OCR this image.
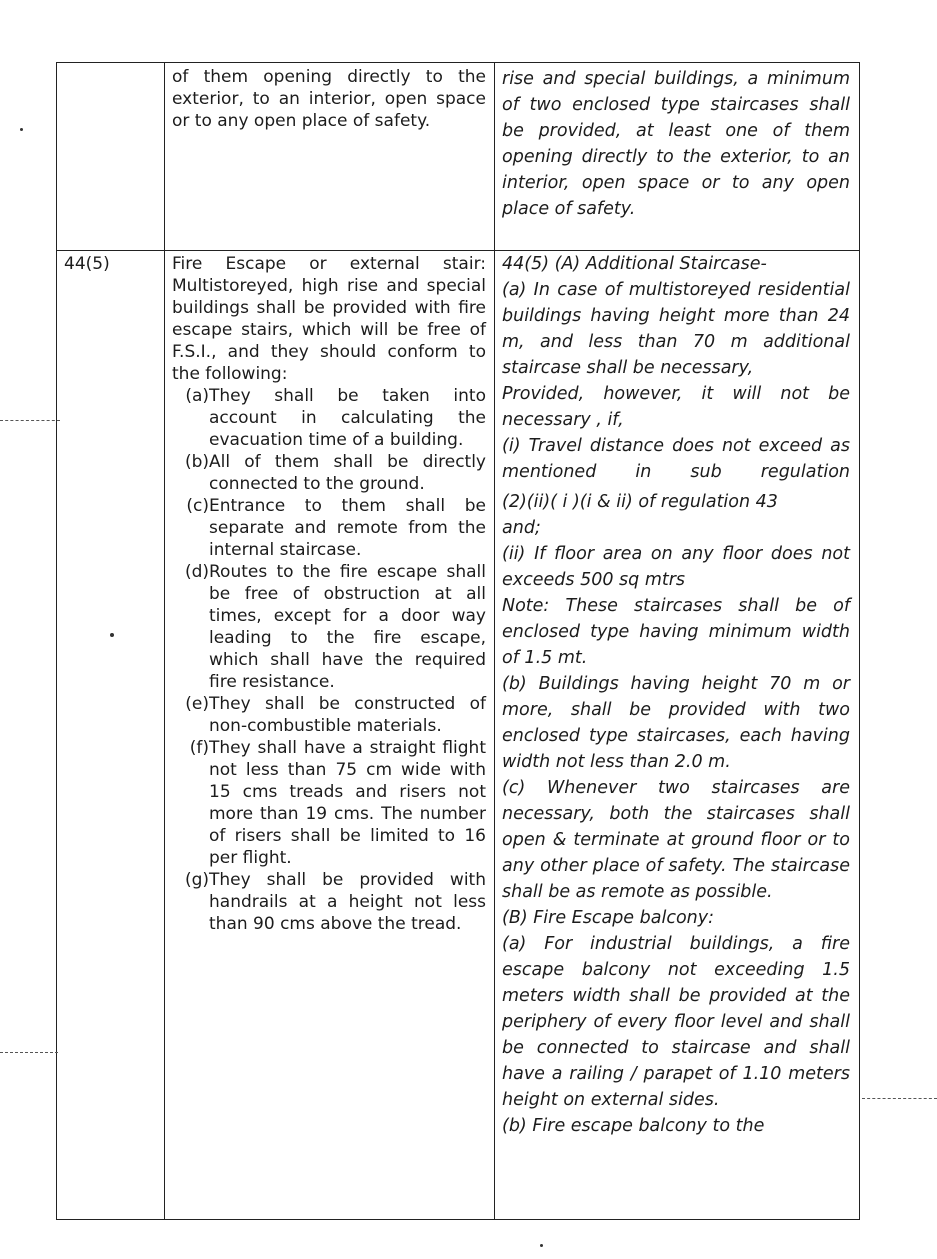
of them opening directly to the exterior, to an interior, open space or to any open place of safety.

rise and special buildings, a minimum of two enclosed type staircases shall be provided, at least one of them opening directly to the exterior, to an interior, open space or to any open place of safety.

44(5)	Fire Escape or external stair: Multistoreyed, high rise and special buildings shall be provided with fire escape stairs, which will be free of F.S.I., and they should conform to the following:

(a) They shall be taken into account in calculating the evacuation time of a building.
(b) All of them shall be directly connected to the ground.
(c) Entrance to them shall be separate and remote from the internal staircase.
(d) Routes to the fire escape shall be free of obstruction at all times, except for a door way leading to the fire escape, which shall have the required fire resistance.
(e) They shall be constructed of non-combustible materials.
(f) They shall have a straight flight not less than 75 cm wide with 15 cms treads and risers not more than 19 cms. The number of risers shall be limited to 16 per flight.
(g) They shall be provided with handrails at a height not less than 90 cms above the tread.

44(5) (A) Additional Staircase-

(a) In case of multistoreyed residential buildings having height more than 24 m, and less than 70 m additional staircase shall be necessary,

Provided, however, it will not be necessary , if,

(i) Travel distance does not exceed as mentioned in sub regulation

(2)(ii)( i )(i & ii) of regulation 43

and;

(ii) If floor area on any floor does not exceeds 500 sq mtrs

Note: These staircases shall be of enclosed type having minimum width of 1.5 mt.

(b) Buildings having height 70 m or more, shall be provided with two enclosed type staircases, each having width not less than 2.0 m.

(c) Whenever two staircases are necessary, both the staircases shall open & terminate at ground floor or to any other place of safety. The staircase shall be as remote as possible.

(B) Fire Escape balcony:

(a) For industrial buildings, a fire escape balcony not exceeding 1.5 meters width shall be provided at the periphery of every floor level and shall be connected to staircase and shall have a railing / parapet of 1.10 meters height on external sides.

(b) Fire escape balcony to the
